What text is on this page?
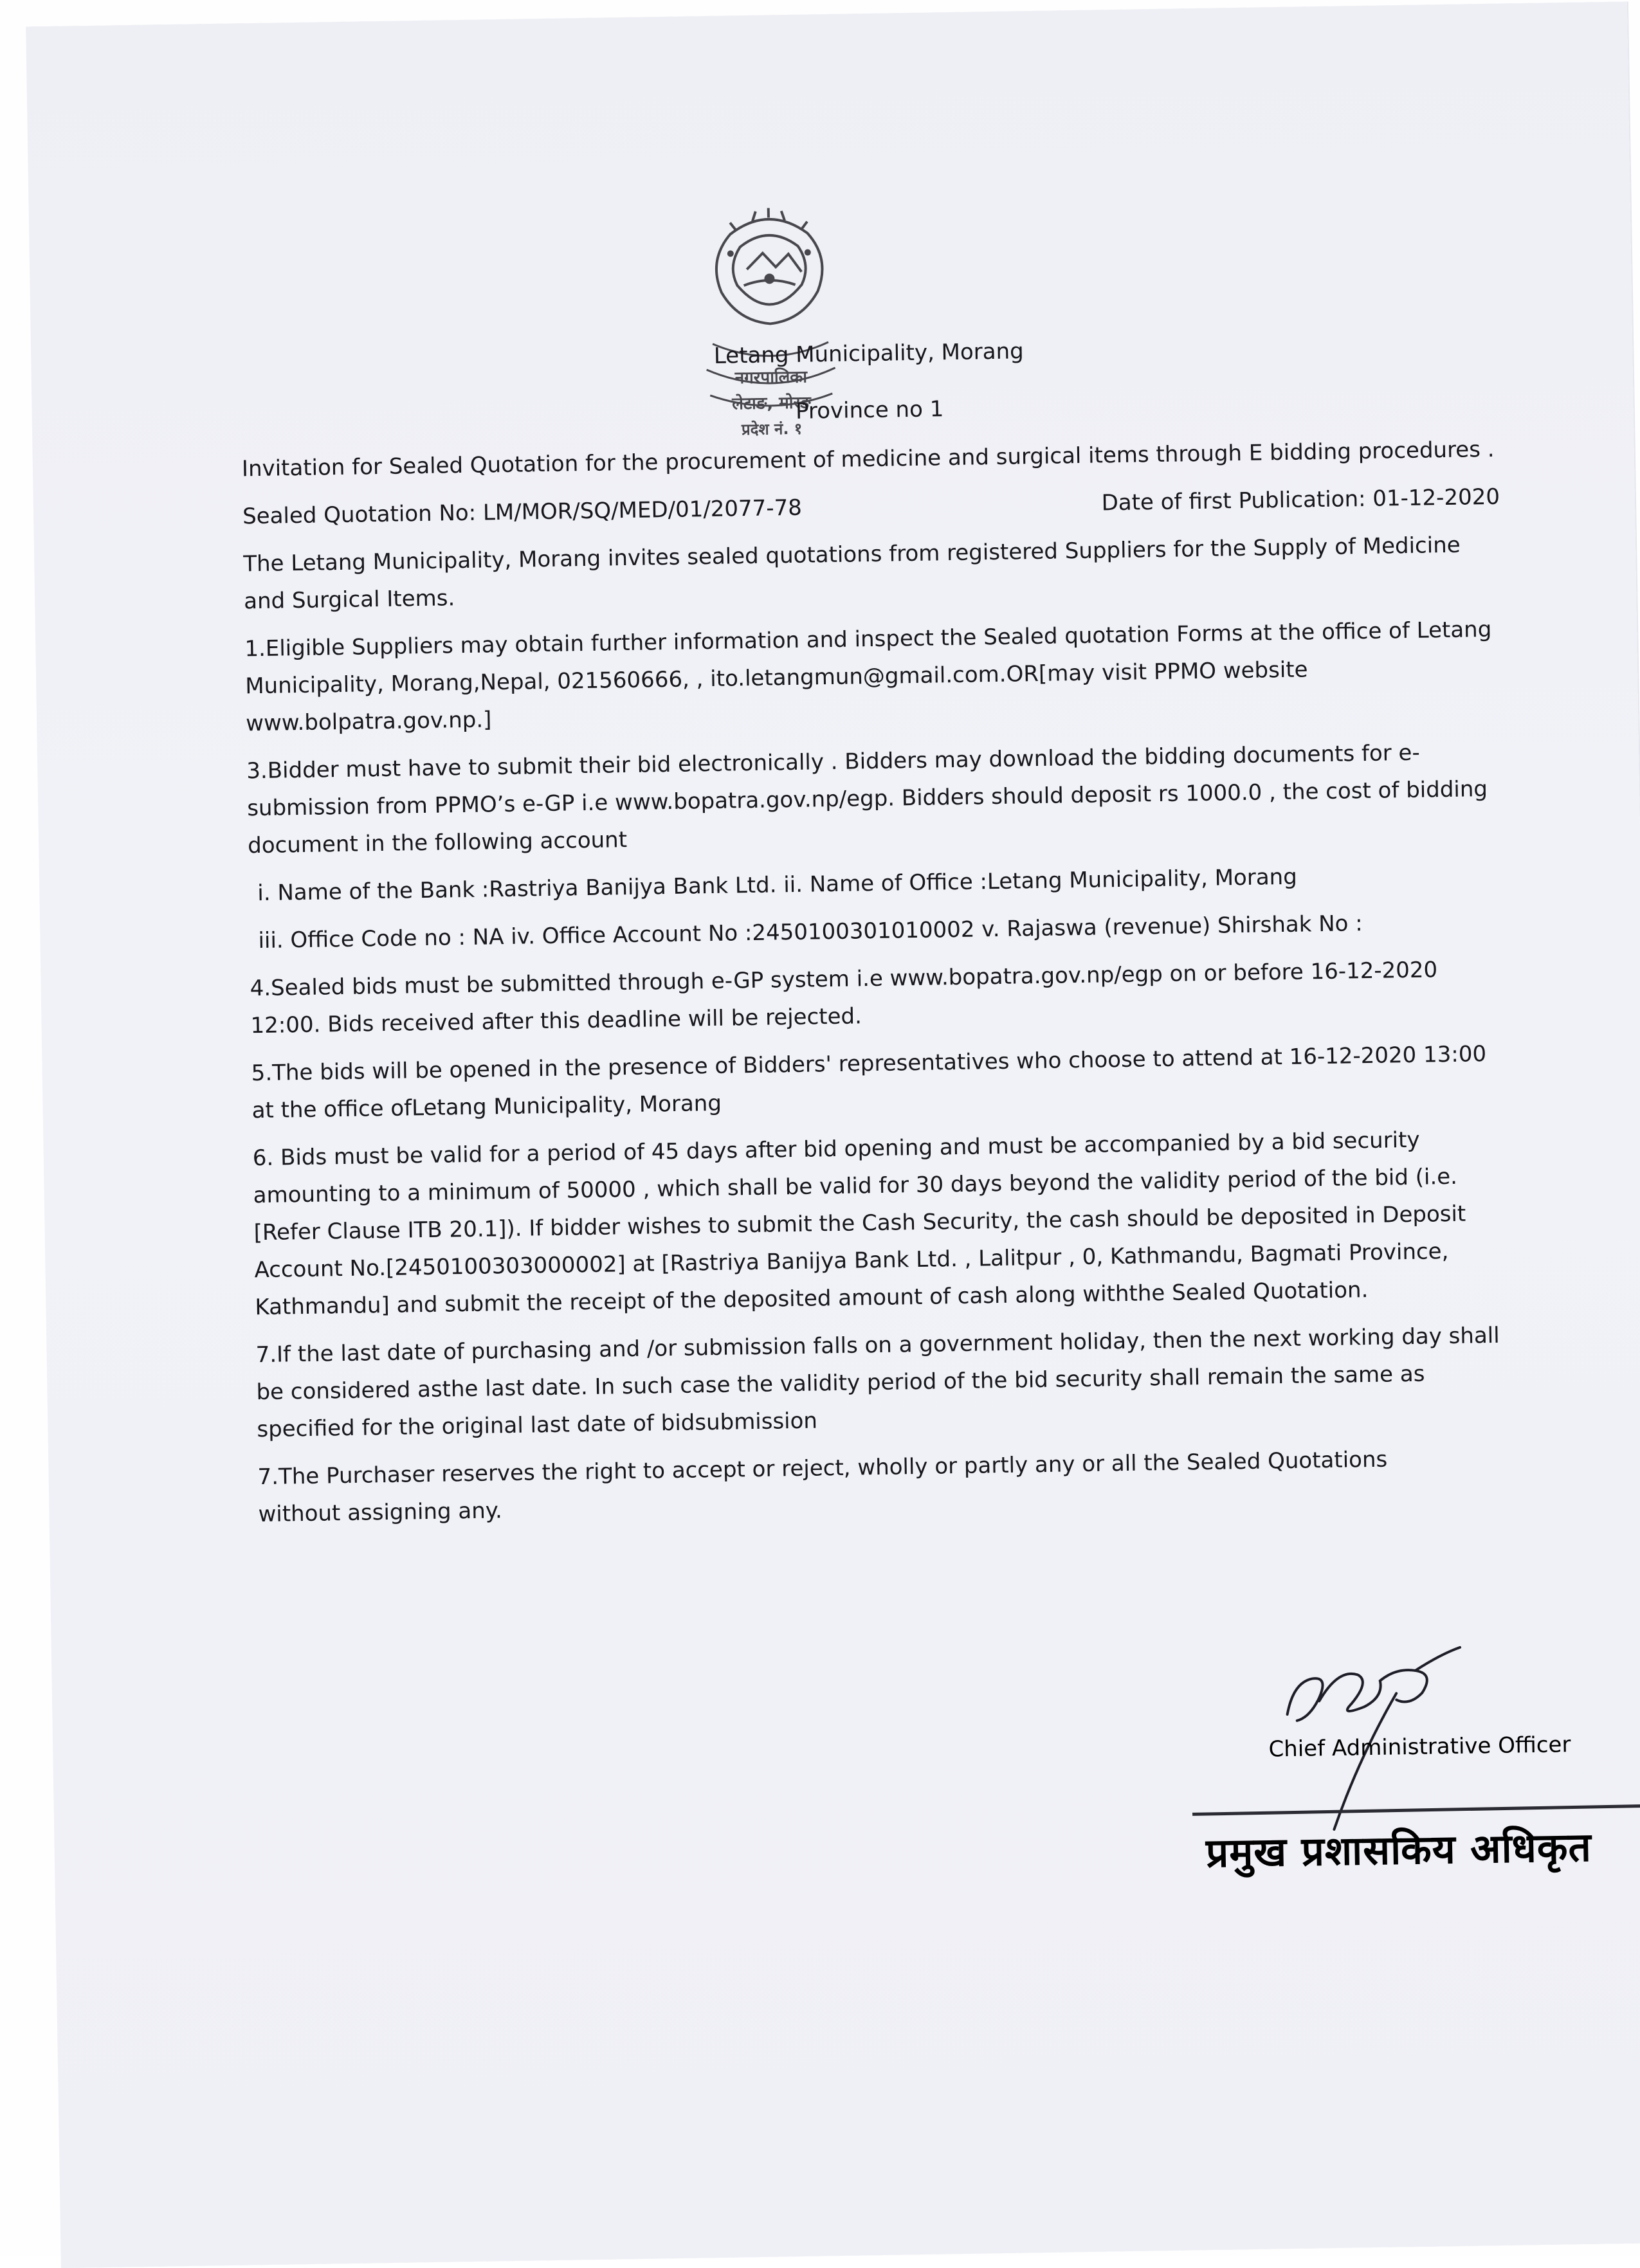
नगरपालिका
लेटाङ, मोरङ
प्रदेश नं. १

Letang Municipality, Morang

Province no 1

Invitation for Sealed Quotation for the procurement of medicine and surgical items through E bidding procedures .

Sealed Quotation No: LM/MOR/SQ/MED/01/2077-78	Date of first Publication: 01-12-2020

The Letang Municipality, Morang invites sealed quotations from registered Suppliers for the Supply of Medicine and Surgical Items.

1.Eligible Suppliers may obtain further information and inspect the Sealed quotation Forms at the office of Letang Municipality, Morang,Nepal, 021560666, , ito.letangmun@gmail.com.OR[may visit PPMO website www.bolpatra.gov.np.]

3.Bidder must have to submit their bid electronically . Bidders may download the bidding documents for e-submission from PPMO’s e-GP i.e www.bopatra.gov.np/egp. Bidders should deposit rs 1000.0 , the cost of bidding document in the following account

i. Name of the Bank :Rastriya Banijya Bank Ltd. ii. Name of Office :Letang Municipality, Morang

iii. Office Code no : NA iv. Office Account No :2450100301010002 v. Rajaswa (revenue) Shirshak No :

4.Sealed bids must be submitted through e-GP system i.e www.bopatra.gov.np/egp on or before 16-12-2020 12:00. Bids received after this deadline will be rejected.

5.The bids will be opened in the presence of Bidders' representatives who choose to attend at 16-12-2020 13:00 at the office ofLetang Municipality, Morang

6. Bids must be valid for a period of 45 days after bid opening and must be accompanied by a bid security amounting to a minimum of 50000 , which shall be valid for 30 days beyond the validity period of the bid (i.e. [Refer Clause ITB 20.1]). If bidder wishes to submit the Cash Security, the cash should be deposited in Deposit Account No.[2450100303000002] at [Rastriya Banijya Bank Ltd. , Lalitpur , 0, Kathmandu, Bagmati Province, Kathmandu] and submit the receipt of the deposited amount of cash along withthe Sealed Quotation.

7.If the last date of purchasing and /or submission falls on a government holiday, then the next working day shall be considered asthe last date. In such case the validity period of the bid security shall remain the same as specified for the original last date of bidsubmission

7.The Purchaser reserves the right to accept or reject, wholly or partly any or all the Sealed Quotations without assigning any.

Chief Administrative Officer
प्रमुख प्रशासकिय अधिकृत
